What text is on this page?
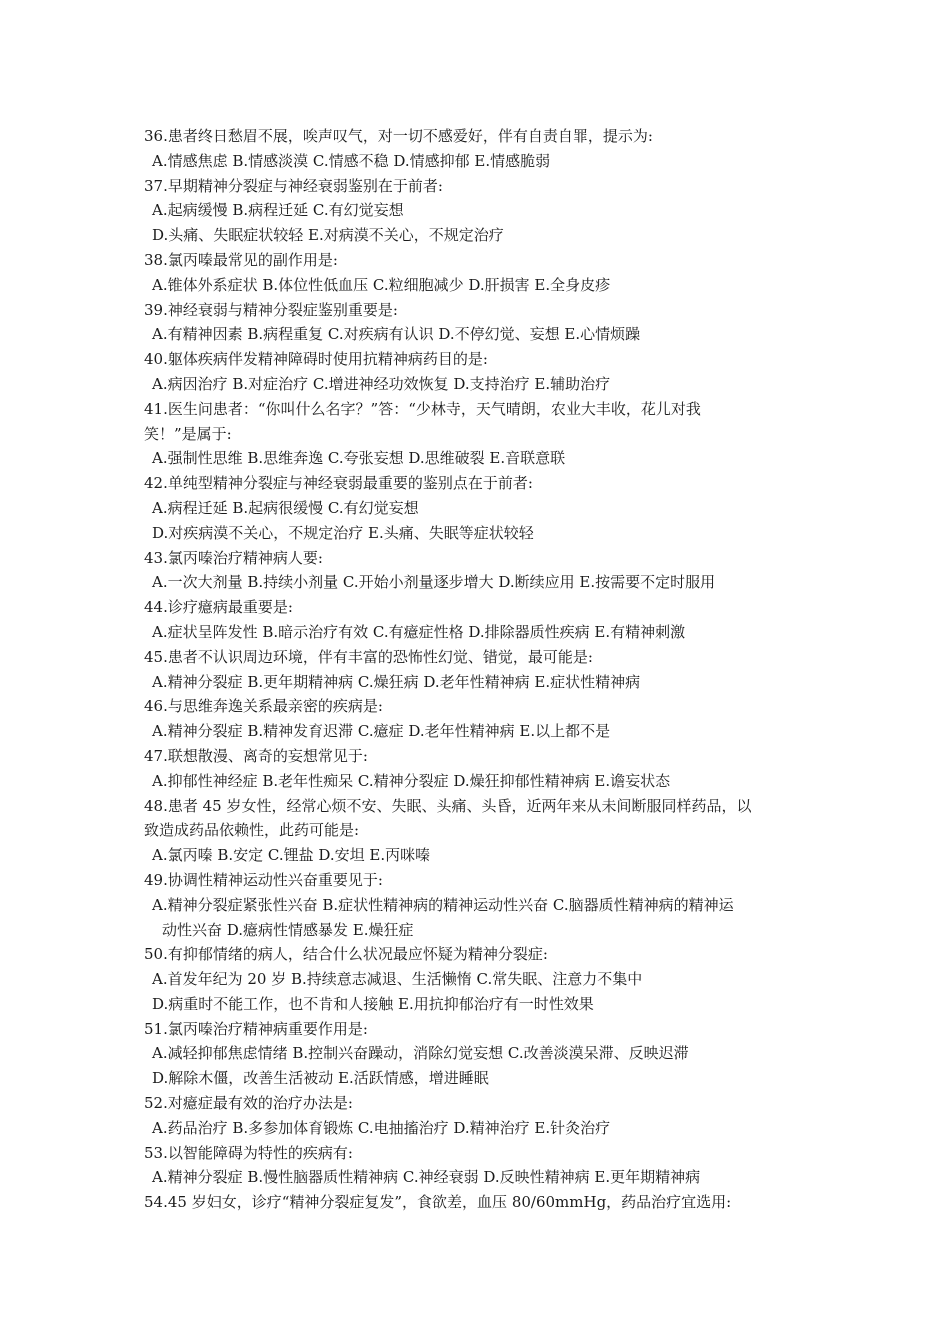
36.患者终日愁眉不展，唉声叹气，对一切不感爱好，伴有自责自罪，提示为:
A.情感焦虑 B.情感淡漠 C.情感不稳 D.情感抑郁 E.情感脆弱
37.早期精神分裂症与神经衰弱鉴别在于前者:
A.起病缓慢 B.病程迁延 C.有幻觉妄想
D.头痛、失眠症状较轻 E.对病漠不关心，不规定治疗
38.氯丙嗪最常见的副作用是:
A.锥体外系症状 B.体位性低血压 C.粒细胞减少 D.肝损害 E.全身皮疹
39.神经衰弱与精神分裂症鉴别重要是:
A.有精神因素 B.病程重复 C.对疾病有认识 D.不停幻觉、妄想 E.心情烦躁
40.躯体疾病伴发精神障碍时使用抗精神病药目的是:
A.病因治疗 B.对症治疗 C.增进神经功效恢复 D.支持治疗 E.辅助治疗
41.医生问患者：“你叫什么名字？”答：“少林寺，天气晴朗，农业大丰收，花儿对我
笑！”是属于:
A.强制性思维 B.思维奔逸 C.夸张妄想 D.思维破裂 E.音联意联
42.单纯型精神分裂症与神经衰弱最重要的鉴别点在于前者:
A.病程迁延 B.起病很缓慢 C.有幻觉妄想
D.对疾病漠不关心，不规定治疗 E.头痛、失眠等症状较轻
43.氯丙嗪治疗精神病人要:
A.一次大剂量 B.持续小剂量 C.开始小剂量逐步增大 D.断续应用 E.按需要不定时服用
44.诊疗癔病最重要是:
A.症状呈阵发性 B.暗示治疗有效 C.有癔症性格 D.排除器质性疾病 E.有精神刺激
45.患者不认识周边环境，伴有丰富的恐怖性幻觉、错觉，最可能是:
A.精神分裂症 B.更年期精神病 C.燥狂病 D.老年性精神病 E.症状性精神病
46.与思维奔逸关系最亲密的疾病是:
A.精神分裂症 B.精神发育迟滞 C.癔症 D.老年性精神病 E.以上都不是
47.联想散漫、离奇的妄想常见于:
A.抑郁性神经症 B.老年性痴呆 C.精神分裂症 D.燥狂抑郁性精神病 E.谵妄状态
48.患者 45 岁女性，经常心烦不安、失眠、头痛、头昏，近两年来从未间断服同样药品，以
致造成药品依赖性，此药可能是:
A.氯丙嗪 B.安定 C.锂盐 D.安坦 E.丙咪嗪
49.协调性精神运动性兴奋重要见于:
A.精神分裂症紧张性兴奋 B.症状性精神病的精神运动性兴奋 C.脑器质性精神病的精神运
动性兴奋 D.癔病性情感暴发 E.燥狂症
50.有抑郁情绪的病人，结合什么状况最应怀疑为精神分裂症:
A.首发年纪为 20 岁 B.持续意志减退、生活懒惰 C.常失眠、注意力不集中
D.病重时不能工作，也不肯和人接触 E.用抗抑郁治疗有一时性效果
51.氯丙嗪治疗精神病重要作用是:
A.减轻抑郁焦虑情绪 B.控制兴奋躁动，消除幻觉妄想 C.改善淡漠呆滞、反映迟滞
D.解除木僵，改善生活被动 E.活跃情感，增进睡眠
52.对癔症最有效的治疗办法是:
A.药品治疗 B.多参加体育锻炼 C.电抽搐治疗 D.精神治疗 E.针灸治疗
53.以智能障碍为特性的疾病有:
A.精神分裂症 B.慢性脑器质性精神病 C.神经衰弱 D.反映性精神病 E.更年期精神病
54.45 岁妇女，诊疗“精神分裂症复发”，食欲差，血压 80/60mmHg，药品治疗宜选用:
